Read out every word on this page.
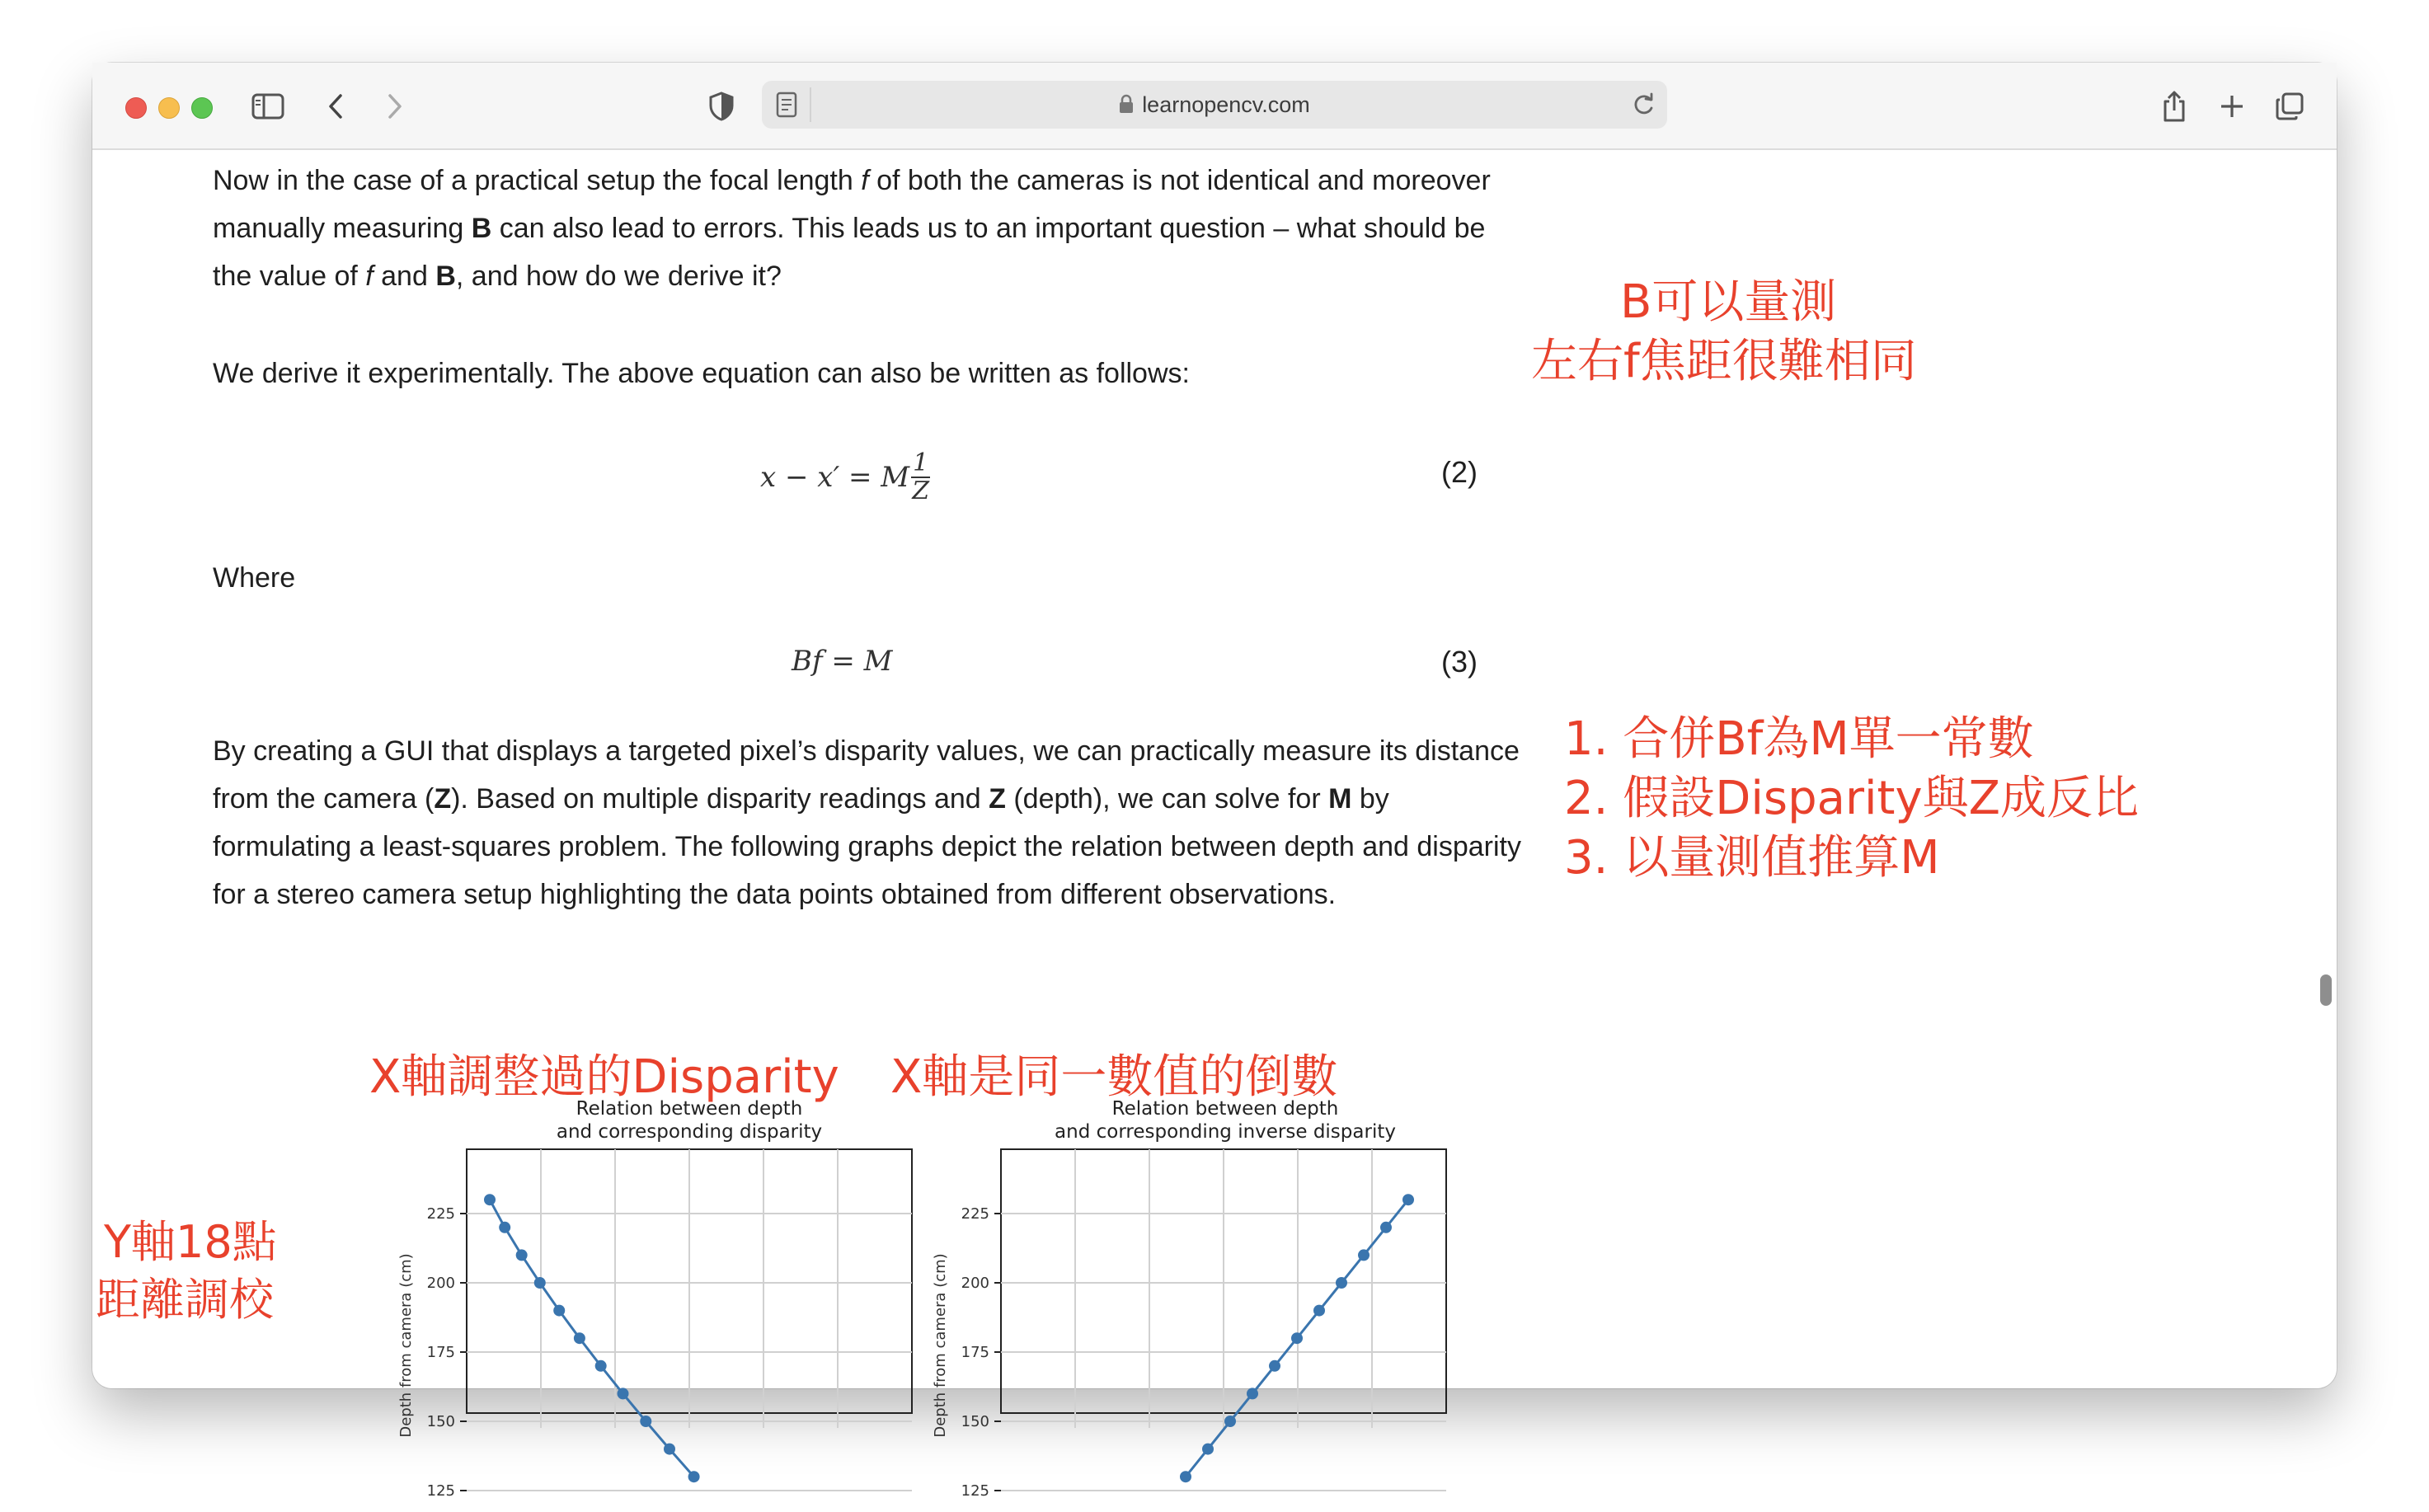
learnopencv.com

Now in the case of a practical setup the focal length f of both the cameras is not identical and moreover manually measuring B can also lead to errors. This leads us to an important question – what should be the value of f and B, and how do we derive it?

We derive it experimentally. The above equation can also be written as follows:

x − x′ = M $\frac{1}{Z}$	(2)
Where
Bf = M	(3)

By creating a GUI that displays a targeted pixel’s disparity values, we can practically measure its distance from the camera (Z). Based on multiple disparity readings and Z (depth), we can solve for M by formulating a least-squares problem. The following graphs depict the relation between depth and disparity for a stereo camera setup highlighting the data points obtained from different observations.

B可以量測
左右f焦距很難相同
1. 合併Bf為M單一常數
2. 假設Disparity與Z成反比
3. 以量測值推算M
X軸調整過的Disparity X軸是同一數值的倒數
Y軸18點
距離調校
Relation between depth
and corresponding disparity
225
200
175
150
125
Depth from camera (cm)
Relation between depth
and corresponding inverse disparity
225
200
175
150
125
Depth from camera (cm)
